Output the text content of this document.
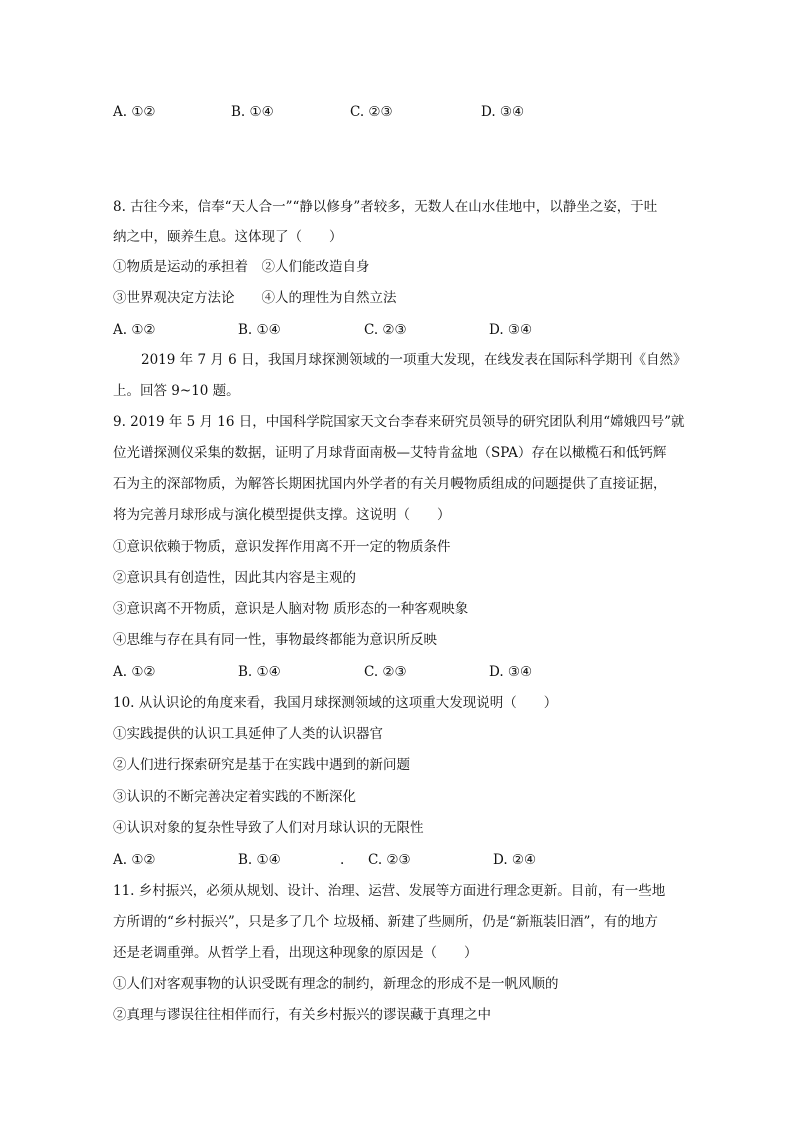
A. ①②	B. ①④	C. ②③	D. ③④
8. 古往今来，信奉“天人合一”“静以修身”者较多，无数人在山水佳地中，以静坐之姿，于吐
纳之中，颐养生息。这体现了（　　）
①物质是运动的承担着　②人们能改造自身
③世界观决定方法论　　④人的理性为自然立法
A. ①②	B. ①④	C. ②③	D. ③④
2019 年 7 月 6 日，我国月球探测领域的一项重大发现，在线发表在国际科学期刊《自然》
上。回答 9~10 题。
9. 2019 年 5 月 16 日，中国科学院国家天文台李春来研究员领导的研究团队利用“嫦娥四号”就
位光谱探测仪采集的数据，证明了月球背面南极—艾特肯盆地（SPA）存在以橄榄石和低钙辉
石为主的深部物质，为解答长期困扰国内外学者的有关月幔物质组成的问题提供了直接证据，
将为完善月球形成与演化模型提供支撑。这说明（　　）
①意识依赖于物质，意识发挥作用离不开一定的物质条件
②意识具有创造性，因此其内容是主观的
③意识离不开物质，意识是人脑对物 质形态的一种客观映象
④思维与存在具有同一性，事物最终都能为意识所反映
A. ①②	B. ①④	C. ②③	D. ③④
10. 从认识论的角度来看，我国月球探测领域的这项重大发现说明（　　）
①实践提供的认识工具延伸了人类的认识器官
②人们进行探索研究是基于在实践中遇到的新问题
③认识的不断完善决定着实践的不断深化
④认识对象的复杂性导致了人们对月球认识的无限性
A. ①②	B. ①④	. C. ②③	D. ②④
11. 乡村振兴，必须从规划、设计、治理、运营、发展等方面进行理念更新。目前，有一些地
方所谓的“乡村振兴”，只是多了几个 垃圾桶、新建了些厕所，仍是“新瓶装旧酒”，有的地方
还是老调重弹。从哲学上看，出现这种现象的原因是（　　）
①人们对客观事物的认识受既有理念的制约，新理念的形成不是一帆风顺的
②真理与谬误往往相伴而行，有关乡村振兴的谬误藏于真理之中
